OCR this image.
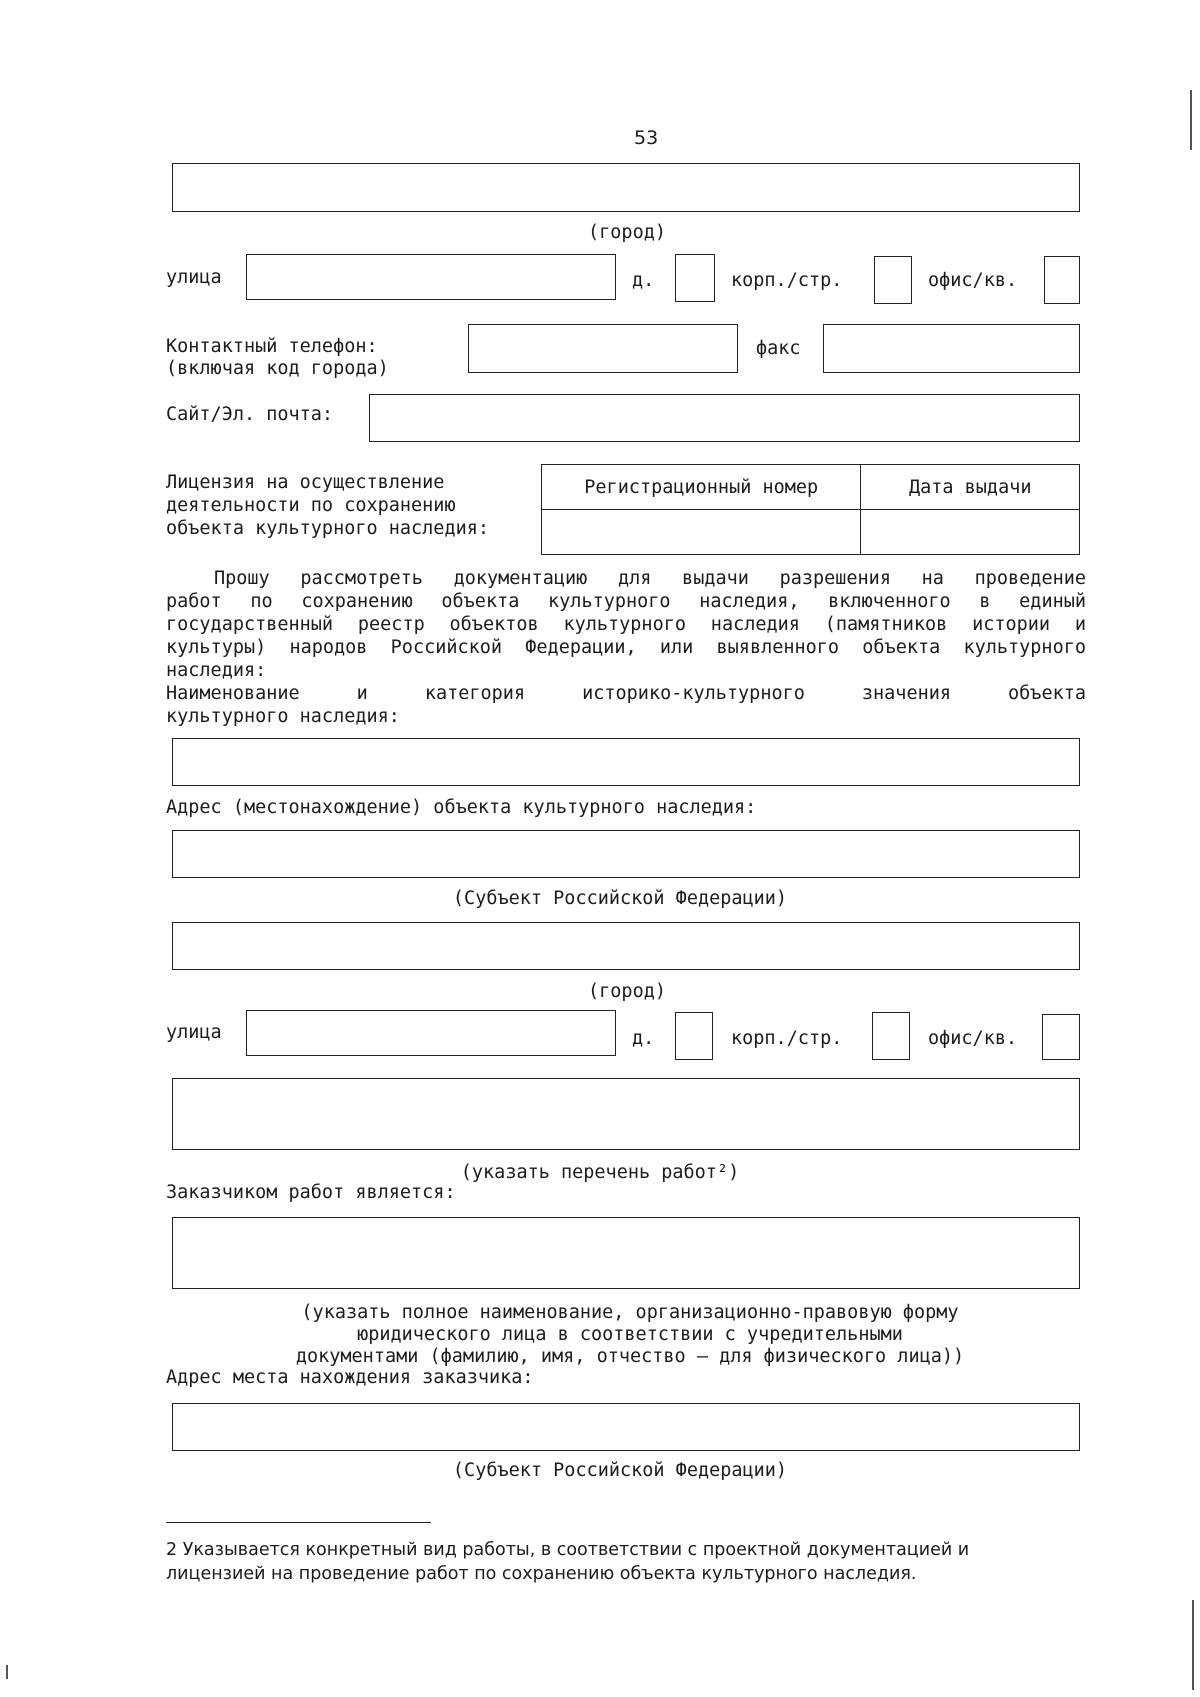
53
(город)
улица	д.	корп./стр.	офис/кв.
Контактный телефон:
(включая код города)
факс
Сайт/Эл. почта:
Лицензия на осуществление
деятельности по сохранению
объекта культурного наследия:
Регистрационный номер	Дата выдачи

Прошу рассмотреть документацию для выдачи разрешения на проведение
работ по сохранению объекта культурного наследия, включенного в единый
государственный реестр объектов культурного наследия (памятников истории и
культуры) народов Российской Федерации, или выявленного объекта культурного
наследия:
Наименование и категория историко-культурного значения объекта
культурного наследия:
Адрес (местонахождение) объекта культурного наследия:
(Субъект Российской Федерации)
(город)
улица	д.	корп./стр.	офис/кв.
(указать перечень работ²)
Заказчиком работ является:
(указать полное наименование, организационно-правовую форму
юридического лица в соответствии с учредительными
документами (фамилию, имя, отчество – для физического лица))
Адрес места нахождения заказчика:
(Субъект Российской Федерации)
2 Указывается конкретный вид работы, в соответствии с проектной документацией и лицензией на проведение работ по сохранению объекта культурного наследия.
